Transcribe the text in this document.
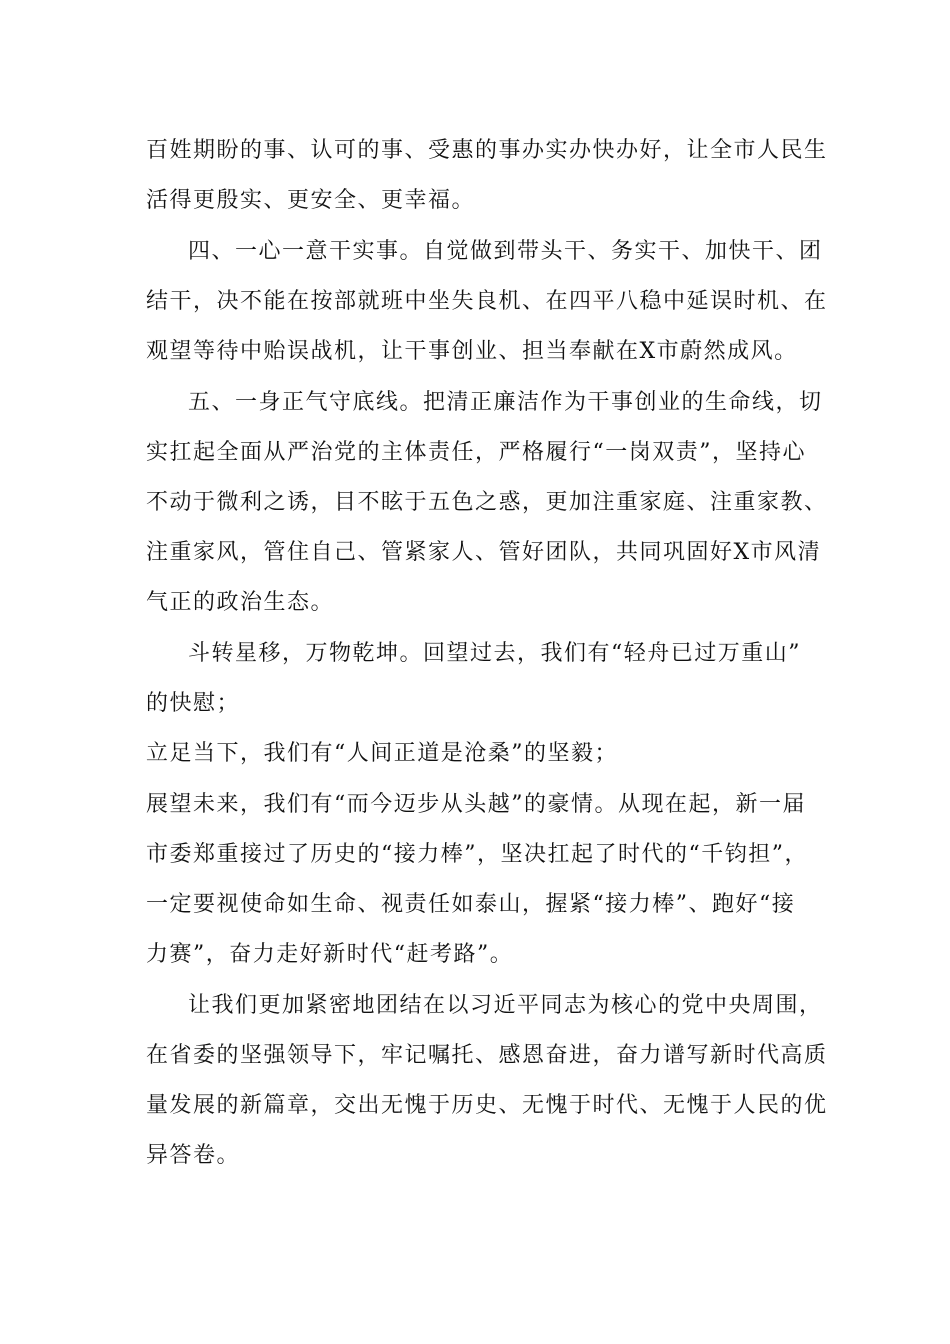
百姓期盼的事、认可的事、受惠的事办实办快办好，让全市人民生
活得更殷实、更安全、更幸福。
四、一心一意干实事。自觉做到带头干、务实干、加快干、团
结干，决不能在按部就班中坐失良机、在四平八稳中延误时机、在
观望等待中贻误战机，让干事创业、担当奉献在X市蔚然成风。
五、一身正气守底线。把清正廉洁作为干事创业的生命线，切
实扛起全面从严治党的主体责任，严格履行“一岗双责”，坚持心
不动于微利之诱，目不眩于五色之惑，更加注重家庭、注重家教、
注重家风，管住自己、管紧家人、管好团队，共同巩固好X市风清
气正的政治生态。
斗转星移，万物乾坤。回望过去，我们有“轻舟已过万重山”
的快慰；
立足当下，我们有“人间正道是沧桑”的坚毅；
展望未来，我们有“而今迈步从头越”的豪情。从现在起，新一届
市委郑重接过了历史的“接力棒”，坚决扛起了时代的“千钧担”，
一定要视使命如生命、视责任如泰山，握紧“接力棒”、跑好“接
力赛”，奋力走好新时代“赶考路”。
让我们更加紧密地团结在以习近平同志为核心的党中央周围，
在省委的坚强领导下，牢记嘱托、感恩奋进，奋力谱写新时代高质
量发展的新篇章，交出无愧于历史、无愧于时代、无愧于人民的优
异答卷。
